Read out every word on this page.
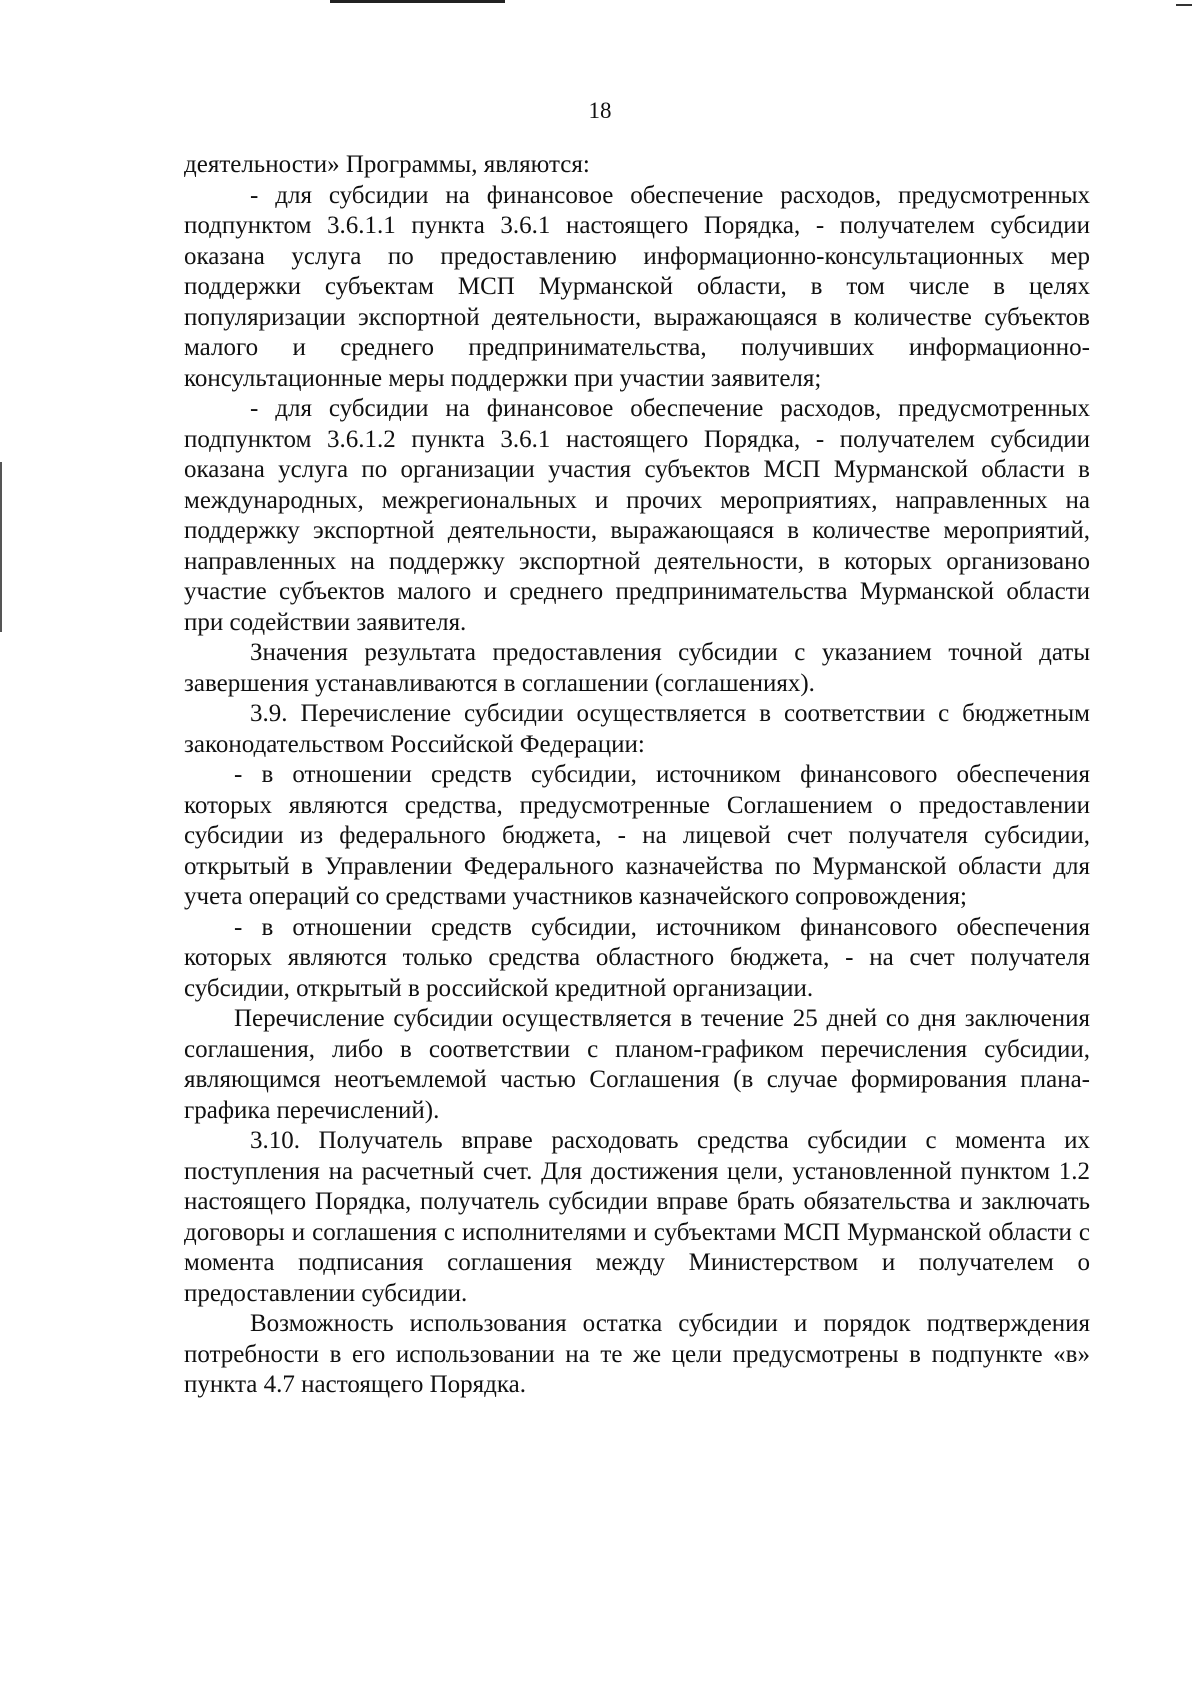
18

деятельности» Программы, являются:

- для субсидии на финансовое обеспечение расходов, предусмотренных подпунктом 3.6.1.1 пункта 3.6.1 настоящего Порядка, - получателем субсидии оказана услуга по предоставлению информационно-консультационных мер поддержки субъектам МСП Мурманской области, в том числе в целях популяризации экспортной деятельности, выражающаяся в количестве субъектов малого и среднего предпринимательства, получивших информационно-консультационные меры поддержки при участии заявителя;

- для субсидии на финансовое обеспечение расходов, предусмотренных подпунктом 3.6.1.2 пункта 3.6.1 настоящего Порядка, - получателем субсидии оказана услуга по организации участия субъектов МСП Мурманской области в международных, межрегиональных и прочих мероприятиях, направленных на поддержку экспортной деятельности, выражающаяся в количестве мероприятий, направленных на поддержку экспортной деятельности, в которых организовано участие субъектов малого и среднего предпринимательства Мурманской области при содействии заявителя.

Значения результата предоставления субсидии с указанием точной даты завершения устанавливаются в соглашении (соглашениях).

3.9. Перечисление субсидии осуществляется в соответствии с бюджетным законодательством Российской Федерации:

- в отношении средств субсидии, источником финансового обеспечения которых являются средства, предусмотренные Соглашением о предоставлении субсидии из федерального бюджета, - на лицевой счет получателя субсидии, открытый в Управлении Федерального казначейства по Мурманской области для учета операций со средствами участников казначейского сопровождения;

- в отношении средств субсидии, источником финансового обеспечения которых являются только средства областного бюджета, - на счет получателя субсидии, открытый в российской кредитной организации.

Перечисление субсидии осуществляется в течение 25 дней со дня заключения соглашения, либо в соответствии с планом-графиком перечисления субсидии, являющимся неотъемлемой частью Соглашения (в случае формирования плана-графика перечислений).

3.10. Получатель вправе расходовать средства субсидии с момента их поступления на расчетный счет. Для достижения цели, установленной пунктом 1.2 настоящего Порядка, получатель субсидии вправе брать обязательства и заключать договоры и соглашения с исполнителями и субъектами МСП Мурманской области с момента подписания соглашения между Министерством и получателем о предоставлении субсидии.

Возможность использования остатка субсидии и порядок подтверждения потребности в его использовании на те же цели предусмотрены в подпункте «в» пункта 4.7 настоящего Порядка.
